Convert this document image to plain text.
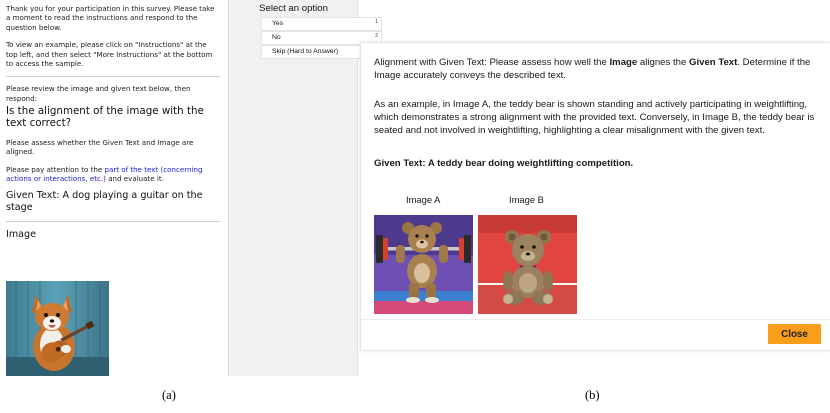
Thank you for your participation in this survey. Please take a moment to read the instructions and respond to the question below.

To view an example, please click on "Instructions" at the top left, and then select "More Instructions" at the bottom to access the sample.

Please review the image and given text below, then respond:

Is the alignment of the image with the text correct?

Please assess whether the Given Text and Image are aligned.

Please pay attention to the part of the text (concerning actions or interactions, etc.) and evaluate it.

Given Text: A dog playing a guitar on the stage
Image
Select an option
Yes	1
No	2
Skip (Hard to Answer)
(a)

Alignment with Given Text: Please assess how well the Image alignes the Given Text. Determine if the Image accurately conveys the described text.

As an example, in Image A, the teddy bear is shown standing and actively participating in weightlifting, which demonstrates a strong alignment with the provided text. Conversely, in Image B, the teddy bear is seated and not involved in weightlifting, highlighting a clear misalignment with the given text.

Given Text: A teddy bear doing weightlifting competition.

Image A	Image B
Close
(b)
